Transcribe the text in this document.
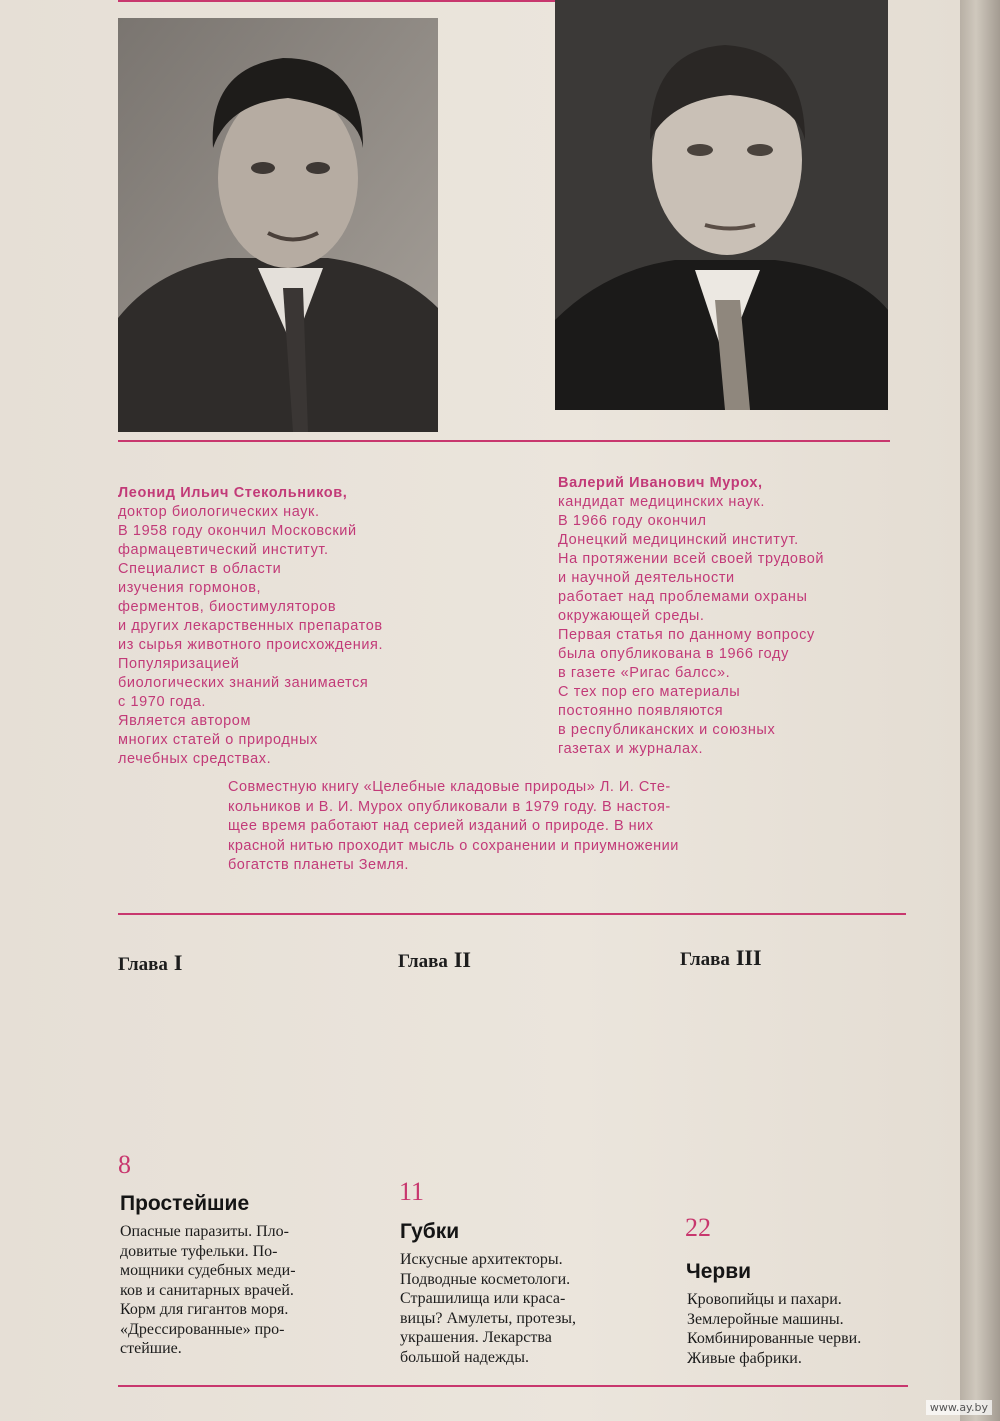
Леонид Ильич Стекольников,
доктор биологических наук.
В 1958 году окончил Московский
фармацевтический институт.
Специалист в области
изучения гормонов,
ферментов, биостимуляторов
и других лекарственных препаратов
из сырья животного происхождения.
Популяризацией
биологических знаний занимается
с 1970 года.
Является автором
многих статей о природных
лечебных средствах.
Валерий Иванович Мурох,
кандидат медицинских наук.
В 1966 году окончил
Донецкий медицинский институт.
На протяжении всей своей трудовой
и научной деятельности
работает над проблемами охраны
окружающей среды.
Первая статья по данному вопросу
была опубликована в 1966 году
в газете «Ригас балсс».
С тех пор его материалы
постоянно появляются
в республиканских и союзных
газетах и журналах.
Совместную книгу «Целебные кладовые природы» Л. И. Сте-
кольников и В. И. Мурох опубликовали в 1979 году. В настоя-
щее время работают над серией изданий о природе. В них
красной нитью проходит мысль о сохранении и приумножении
богатств планеты Земля.
Глава I	Глава II	Глава III
8
Простейшие
Опасные паразиты. Пло-
довитые туфельки. По-
мощники судебных меди-
ков и санитарных врачей.
Корм для гигантов моря.
«Дрессированные» про-
стейшие.
11
Губки
Искусные архитекторы.
Подводные косметологи.
Страшилища или краса-
вицы? Амулеты, протезы,
украшения. Лекарства
большой надежды.
22
Черви
Кровопийцы и пахари.
Землеройные машины.
Комбинированные черви.
Живые фабрики.
www.ay.by
